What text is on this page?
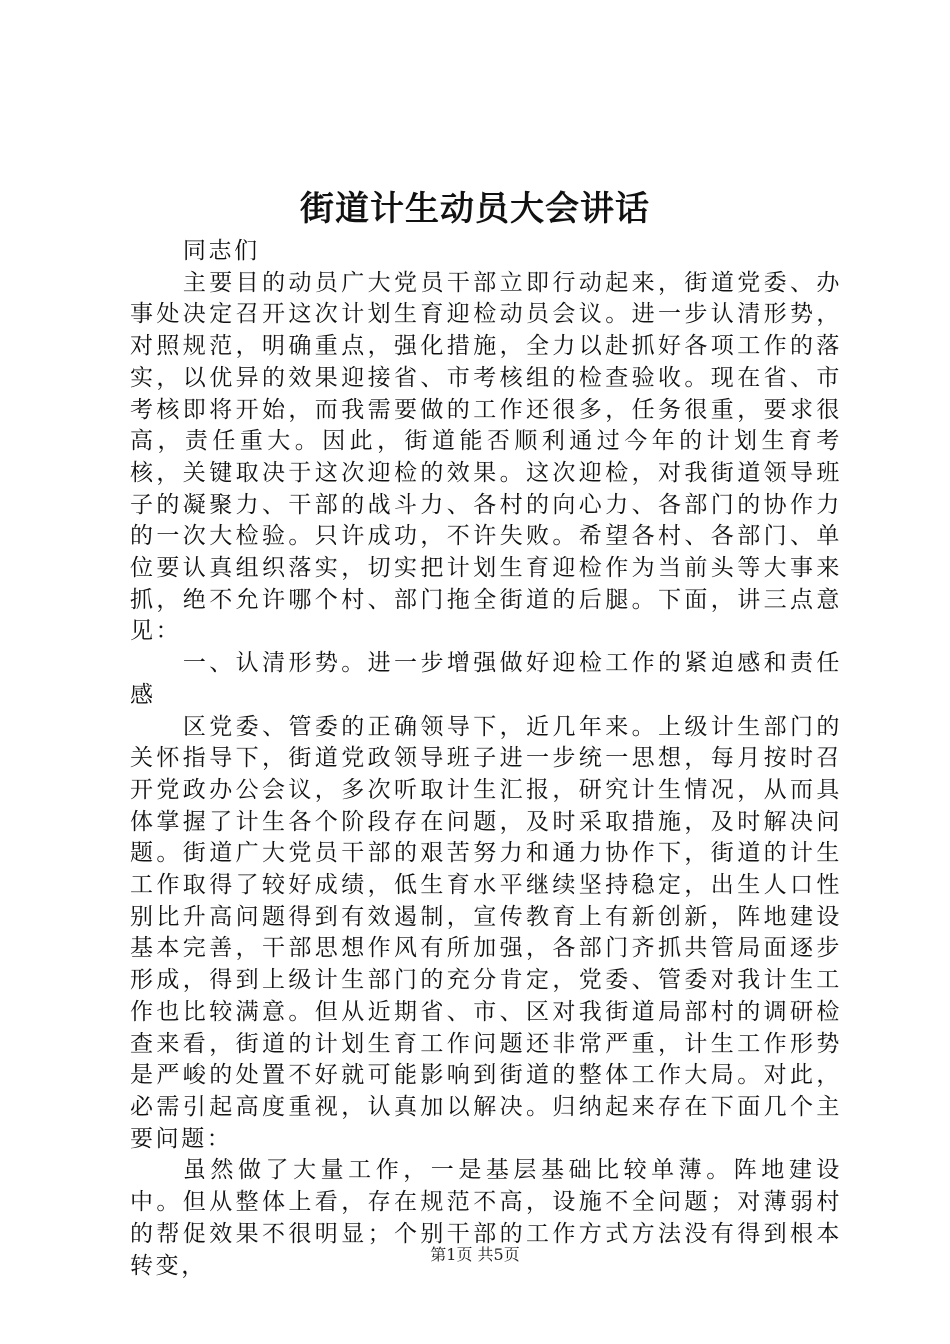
街道计生动员大会讲话

同志们

主要目的动员广大党员干部立即行动起来，街道党委、办事处决定召开这次计划生育迎检动员会议。进一步认清形势，对照规范，明确重点，强化措施，全力以赴抓好各项工作的落实，以优异的效果迎接省、市考核组的检查验收。现在省、市考核即将开始，而我需要做的工作还很多，任务很重，要求很高，责任重大。因此，街道能否顺利通过今年的计划生育考核，关键取决于这次迎检的效果。这次迎检，对我街道领导班子的凝聚力、干部的战斗力、各村的向心力、各部门的协作力的一次大检验。只许成功，不许失败。希望各村、各部门、单位要认真组织落实，切实把计划生育迎检作为当前头等大事来抓，绝不允许哪个村、部门拖全街道的后腿。下面，讲三点意见：

一、认清形势。进一步增强做好迎检工作的紧迫感和责任感

区党委、管委的正确领导下，近几年来。上级计生部门的关怀指导下，街道党政领导班子进一步统一思想，每月按时召开党政办公会议，多次听取计生汇报，研究计生情况，从而具体掌握了计生各个阶段存在问题，及时采取措施，及时解决问题。街道广大党员干部的艰苦努力和通力协作下，街道的计生工作取得了较好成绩，低生育水平继续坚持稳定，出生人口性别比升高问题得到有效遏制，宣传教育上有新创新，阵地建设基本完善，干部思想作风有所加强，各部门齐抓共管局面逐步形成，得到上级计生部门的充分肯定，党委、管委对我计生工作也比较满意。但从近期省、市、区对我街道局部村的调研检查来看，街道的计划生育工作问题还非常严重，计生工作形势是严峻的处置不好就可能影响到街道的整体工作大局。对此，必需引起高度重视，认真加以解决。归纳起来存在下面几个主要问题：

虽然做了大量工作，一是基层基础比较单薄。阵地建设中。但从整体上看，存在规范不高，设施不全问题；对薄弱村的帮促效果不很明显；个别干部的工作方式方法没有得到根本转变，	第1页 共5页
